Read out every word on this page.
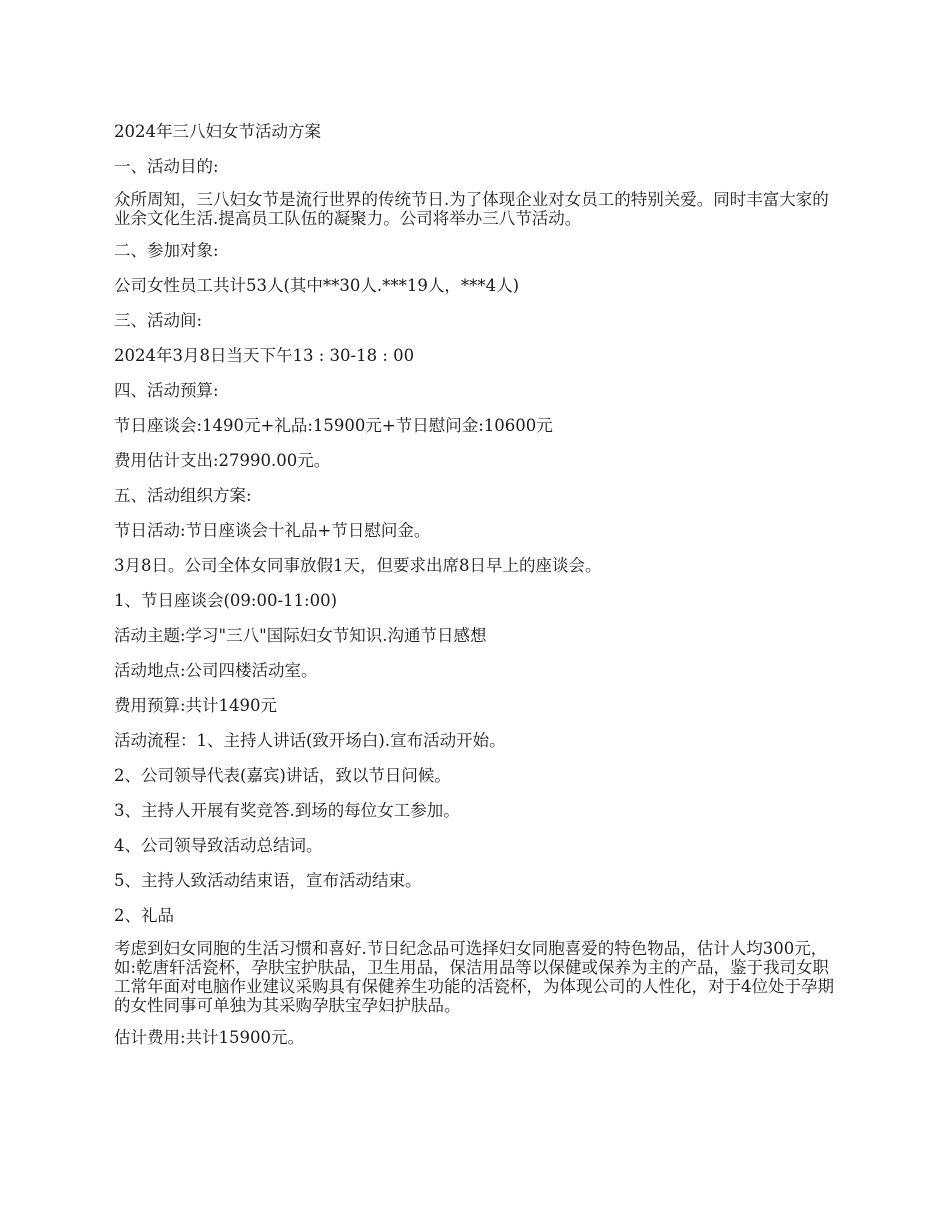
2024年三八妇女节活动方案

一、活动目的:

众所周知，三八妇女节是流行世界的传统节日.为了体现企业对女员工的特别关爱。同时丰富大家的业余文化生活.提高员工队伍的凝聚力。公司将举办三八节活动。

二、参加对象:

公司女性员工共计53人(其中**30人.***19人，***4人)

三、活动间:

2024年3月8日当天下午13 : 30-18 : 00

四、活动预算:

节日座谈会:1490元+礼品:15900元+节日慰问金:10600元

费用估计支出:27990.00元。

五、活动组织方案:

节日活动:节日座谈会十礼品+节日慰问金。

3月8日。公司全体女同事放假1天，但要求出席8日早上的座谈会。

1、节日座谈会(09:00-11:00)

活动主题:学习"三八"国际妇女节知识.沟通节日感想

活动地点:公司四楼活动室。

费用预算:共计1490元

活动流程：1、主持人讲话(致开场白).宣布活动开始。

2、公司领导代表(嘉宾)讲话，致以节日问候。

3、主持人开展有奖竞答.到场的每位女工参加。

4、公司领导致活动总结词。

5、主持人致活动结束语，宣布活动结束。

2、礼品

考虑到妇女同胞的生活习惯和喜好.节日纪念品可选择妇女同胞喜爱的特色物品，估计人均300元，如:乾唐轩活瓷杯，孕肤宝护肤品，卫生用品，保洁用品等以保健或保养为主的产品，鉴于我司女职工常年面对电脑作业建议采购具有保健养生功能的活瓷杯，为体现公司的人性化，对于4位处于孕期的女性同事可单独为其采购孕肤宝孕妇护肤品。

估计费用:共计15900元。
